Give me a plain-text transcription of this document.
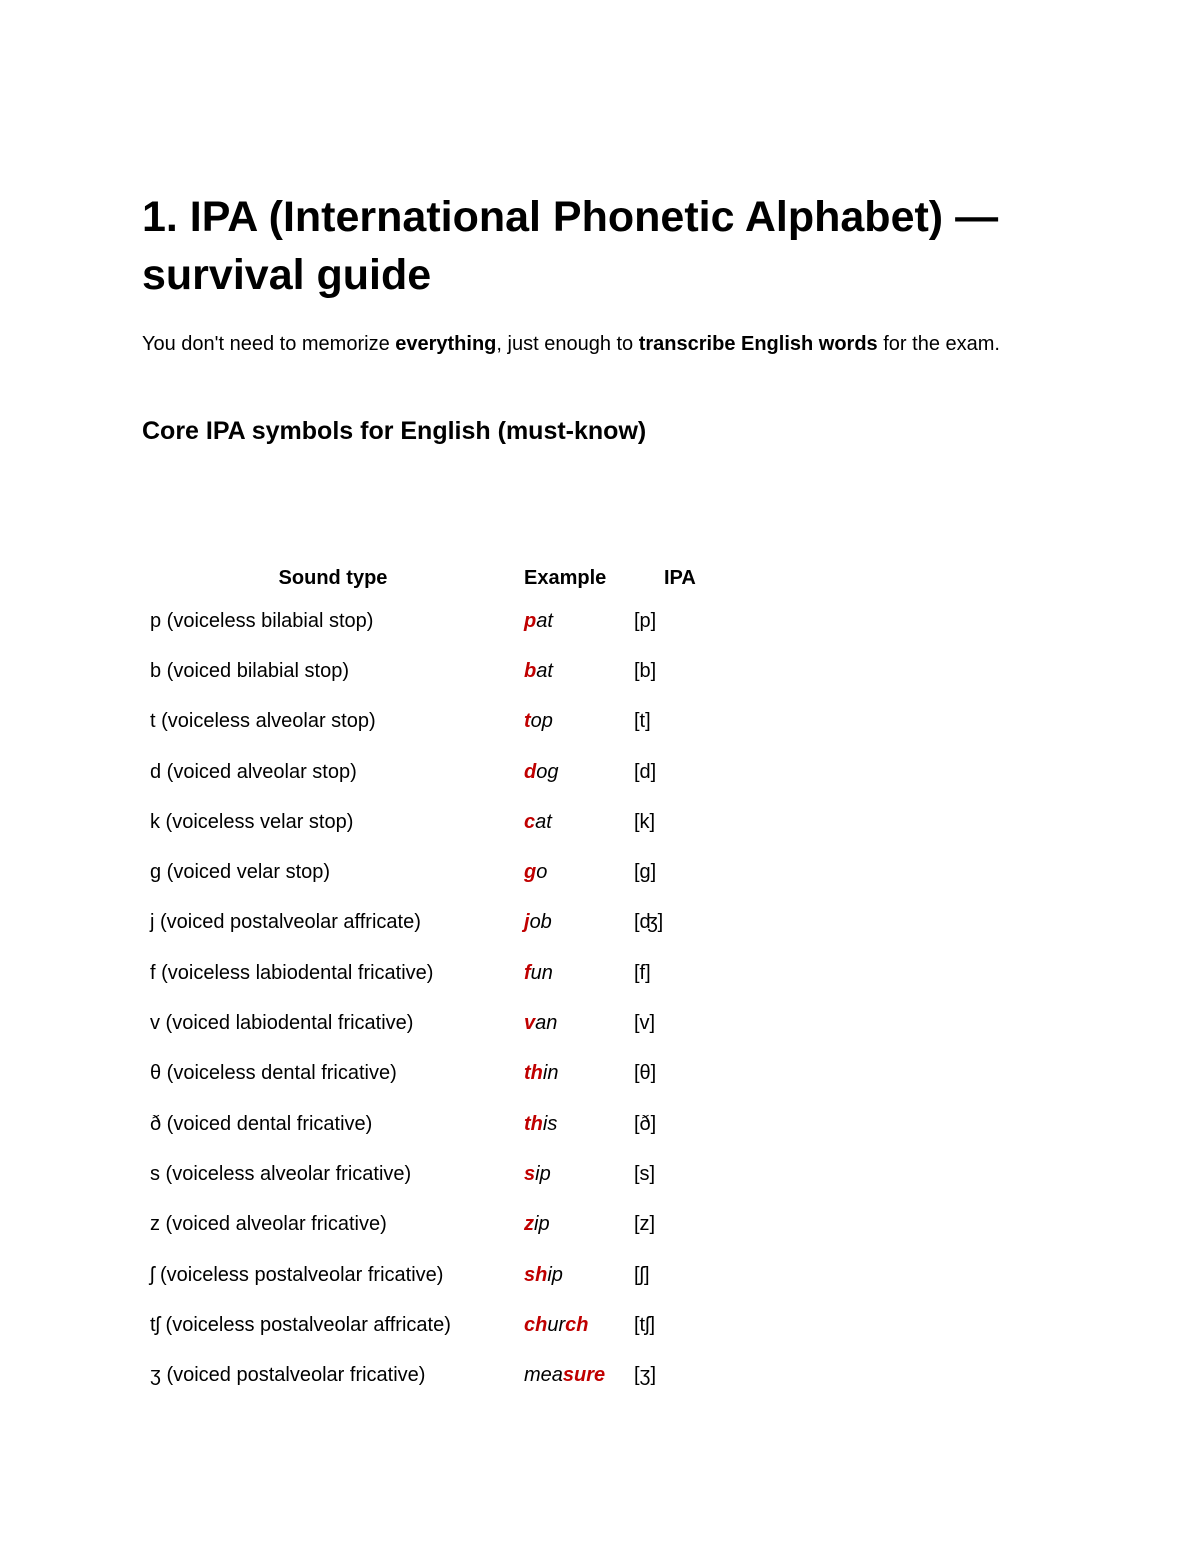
1. IPA (International Phonetic Alphabet) — survival guide

You don't need to memorize everything, just enough to transcribe English words for the exam.

Core IPA symbols for English (must-know)
Sound type	Example	IPA
p (voiceless bilabial stop)	pat	[p]
b (voiced bilabial stop)	bat	[b]
t (voiceless alveolar stop)	top	[t]
d (voiced alveolar stop)	dog	[d]
k (voiceless velar stop)	cat	[k]
g (voiced velar stop)	go	[g]
j (voiced postalveolar affricate)	job	[ʤ]
f (voiceless labiodental fricative)	fun	[f]
v (voiced labiodental fricative)	van	[v]
θ (voiceless dental fricative)	thin	[θ]
ð (voiced dental fricative)	this	[ð]
s (voiceless alveolar fricative)	sip	[s]
z (voiced alveolar fricative)	zip	[z]
ʃ (voiceless postalveolar fricative)	ship	[ʃ]
tʃ (voiceless postalveolar affricate)	church	[tʃ]
ʒ (voiced postalveolar fricative)	measure	[ʒ]
